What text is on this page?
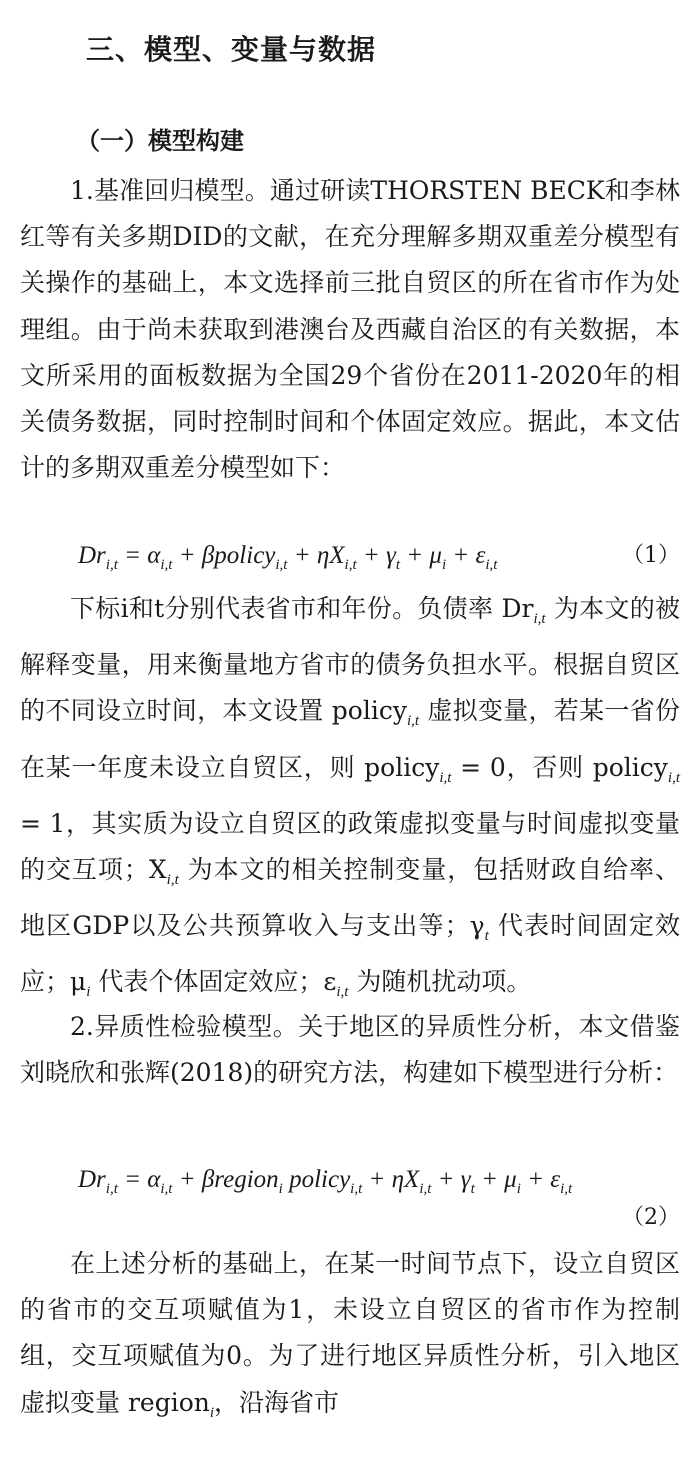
三、模型、变量与数据
（一）模型构建

1.基准回归模型。通过研读THORSTEN BECK和李林红等有关多期DID的文献，在充分理解多期双重差分模型有关操作的基础上，本文选择前三批自贸区的所在省市作为处理组。由于尚未获取到港澳台及西藏自治区的有关数据，本文所采用的面板数据为全国29个省份在2011-2020年的相关债务数据，同时控制时间和个体固定效应。据此，本文估计的多期双重差分模型如下：

$Dr_{i,t} = \alpha_{i,t}$ + βpolicy$_{i,t}$ + $\eta X_{i,t} + \gamma_t + \mu_i + \varepsilon_{i,t}$	（1）

下标i和t分别代表省市和年份。负债率 $Dr_{i,t}$ 为本文的被解释变量，用来衡量地方省市的债务负担水平。根据自贸区的不同设立时间，本文设置 policy$_{i,t}$ 虚拟变量，若某一省份在某一年度未设立自贸区，则 policy$_{i,t}$ = 0，否则 policy$_{i,t}$ = 1，其实质为设立自贸区的政策虚拟变量与时间虚拟变量的交互项；$X_{i,t}$ 为本文的相关控制变量，包括财政自给率、地区GDP以及公共预算收入与支出等；$\gamma_t$ 代表时间固定效应；$\mu_i$ 代表个体固定效应；$\varepsilon_{i,t}$ 为随机扰动项。

2.异质性检验模型。关于地区的异质性分析，本文借鉴刘晓欣和张辉(2018)的研究方法，构建如下模型进行分析：

$Dr_{i,t} = \alpha_{i,t}$ + βregion$_i$ policy$_{i,t}$ + $\eta X_{i,t} + \gamma_t + \mu_i + \varepsilon_{i,t}$
（2）

在上述分析的基础上，在某一时间节点下，设立自贸区的省市的交互项赋值为1，未设立自贸区的省市作为控制组，交互项赋值为0。为了进行地区异质性分析，引入地区虚拟变量 region$_i$，沿海省市
